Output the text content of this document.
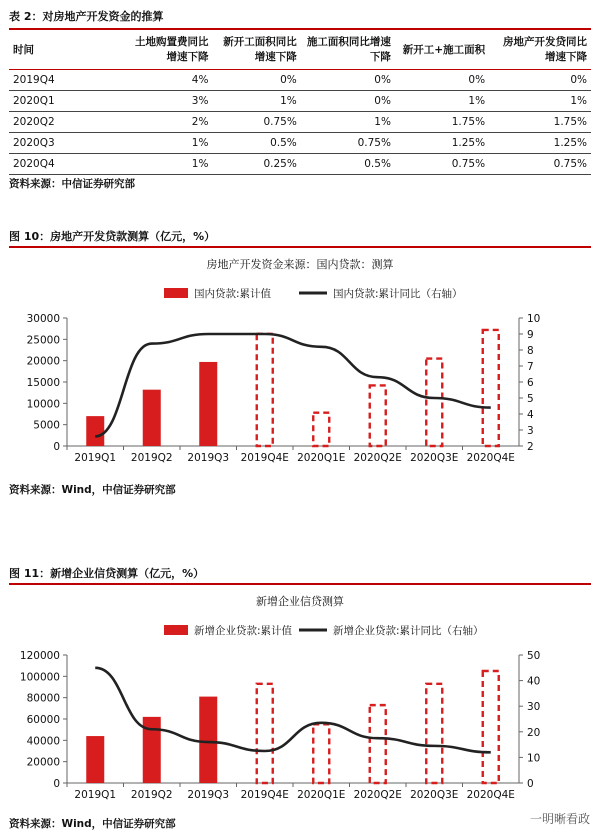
表 2：对房地产开发资金的推算
时间	土地购置费同比增速下降	新开工面积同比增速下降	施工面积同比增速下降	新开工+施工面积	房地产开发贷同比增速下降
2019Q4	4%	0%	0%	0%	0%
2020Q1	3%	1%	0%	1%	1%
2020Q2	2%	0.75%	1%	1.75%	1.75%
2020Q3	1%	0.5%	0.75%	1.25%	1.25%
2020Q4	1%	0.25%	0.5%	0.75%	0.75%
资料来源：中信证券研究部
图 10：房地产开发贷款测算（亿元，%）
房地产开发资金来源：国内贷款：测算
国内贷款:累计值	国内贷款:累计同比（右轴）
0
5000
10000
15000
20000
25000
30000
2
3
4
5
6
7
8
9
10
2019Q1 2019Q2 2019Q3 2019Q4E 2020Q1E 2020Q2E 2020Q3E 2020Q4E
资料来源：Wind，中信证券研究部
图 11：新增企业信贷测算（亿元，%）
新增企业信贷测算
新增企业贷款:累计值	新增企业贷款:累计同比（右轴）
0
20000
40000
60000
80000
100000
120000
0
10
20
30
40
50
2019Q1 2019Q2 2019Q3 2019Q4E 2020Q1E 2020Q2E 2020Q3E 2020Q4E
资料来源：Wind，中信证券研究部	一明晰看政
